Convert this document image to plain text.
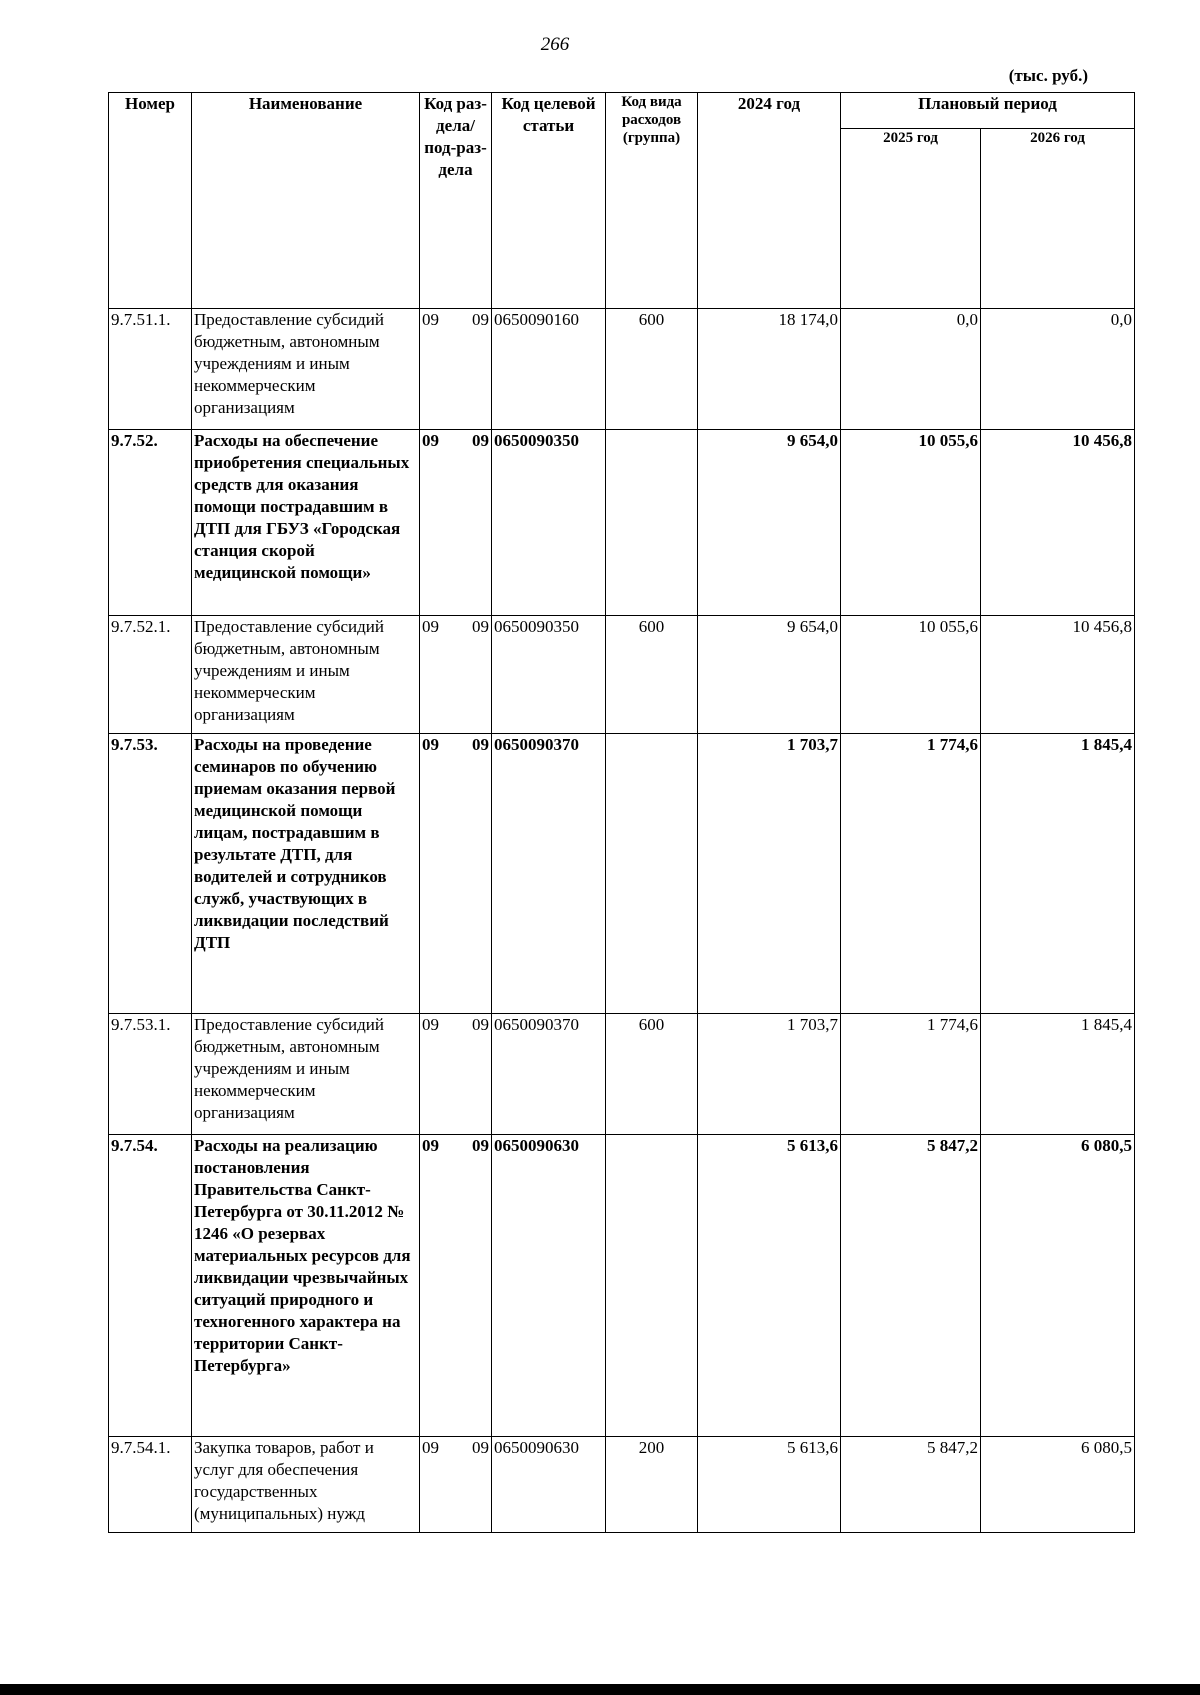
266
(тыс. руб.)
Номер	Наименование	Код раз-дела/ под-раз-дела	Код целевой статьи	Код вида расходов (группа)	2024 год	Плановый период	
						2025 год	2026 год
9.7.51.1.	Предоставление субсидий бюджетным, автономным учреждениям и иным некоммерческим организациям	09 09	0650090160	600	18 174,0	0,0	0,0
9.7.52.	Расходы на обеспечение приобретения специальных средств для оказания помощи пострадавшим в ДТП для ГБУЗ «Городская станция скорой медицинской помощи»	09 09	0650090350		9 654,0	10 055,6	10 456,8
9.7.52.1.	Предоставление субсидий бюджетным, автономным учреждениям и иным некоммерческим организациям	09 09	0650090350	600	9 654,0	10 055,6	10 456,8
9.7.53.	Расходы на проведение семинаров по обучению приемам оказания первой медицинской помощи лицам, пострадавшим в результате ДТП, для водителей и сотрудников служб, участвующих в ликвидации последствий ДТП	09 09	0650090370		1 703,7	1 774,6	1 845,4
9.7.53.1.	Предоставление субсидий бюджетным, автономным учреждениям и иным некоммерческим организациям	09 09	0650090370	600	1 703,7	1 774,6	1 845,4
9.7.54.	Расходы на реализацию постановления Правительства Санкт-Петербурга от 30.11.2012 № 1246 «О резервах материальных ресурсов для ликвидации чрезвычайных ситуаций природного и техногенного характера на территории Санкт-Петербурга»	09 09	0650090630		5 613,6	5 847,2	6 080,5
9.7.54.1.	Закупка товаров, работ и услуг для обеспечения государственных (муниципальных) нужд	09 09	0650090630	200	5 613,6	5 847,2	6 080,5
